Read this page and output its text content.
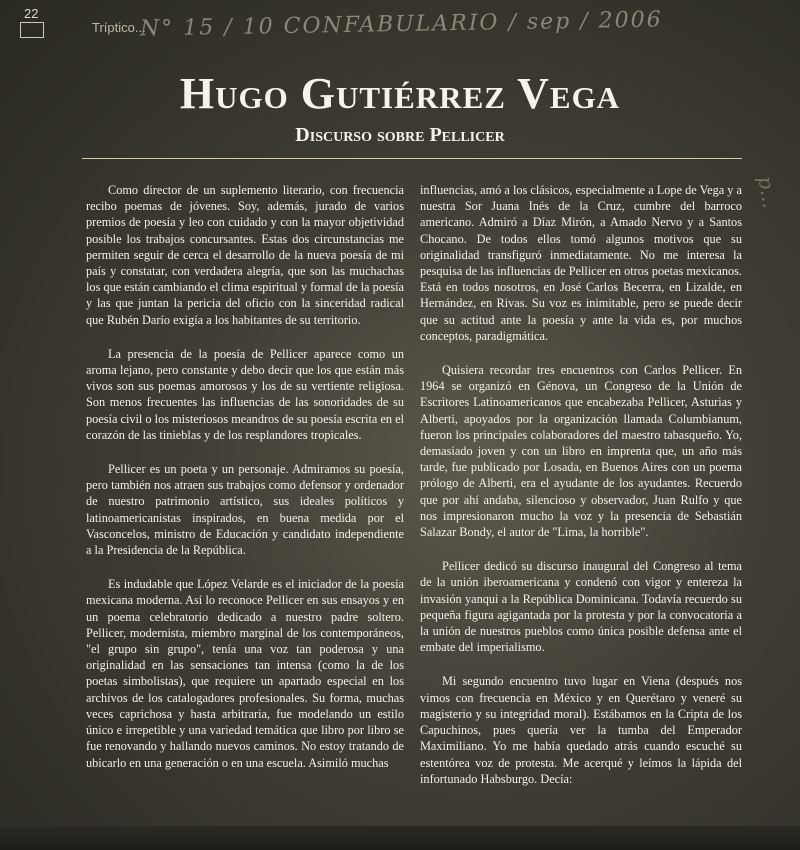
22
Tríptico...
N° 15 / 10 CONFABULARIO / sep / 2006
Hugo Gutiérrez Vega
Discurso sobre Pellicer
p...

Como director de un suplemento literario, con frecuencia recibo poemas de jóvenes. Soy, además, jurado de varios premios de poesía y leo con cuidado y con la mayor objetividad posible los trabajos concursantes. Estas dos circunstancias me permiten seguir de cerca el desarrollo de la nueva poesía de mi país y constatar, con verdadera alegría, que son las muchachas los que están cambiando el clima espiritual y formal de la poesía y las que juntan la pericia del oficio con la sinceridad radical que Rubén Darío exigía a los habitantes de su territorio.

La presencia de la poesía de Pellicer aparece como un aroma lejano, pero constante y debo decir que los que están más vivos son sus poemas amorosos y los de su vertiente religiosa. Son menos frecuentes las influencias de las sonoridades de su poesía civil o los misteriosos meandros de su poesía escrita en el corazón de las tinieblas y de los resplandores tropicales.

Pellicer es un poeta y un personaje. Admiramos su poesía, pero también nos atraen sus trabajos como defensor y ordenador de nuestro patrimonio artístico, sus ideales políticos y latinoamericanistas inspirados, en buena medida por el Vasconcelos, ministro de Educación y candidato independiente a la Presidencia de la República.

Es indudable que López Velarde es el iniciador de la poesía mexicana moderna. Así lo reconoce Pellicer en sus ensayos y en un poema celebratorio dedicado a nuestro padre soltero. Pellicer, modernista, miembro marginal de los contemporáneos, "el grupo sin grupo", tenía una voz tan poderosa y una originalidad en las sensaciones tan intensa (como la de los poetas simbolistas), que requiere un apartado especial en los archivos de los catalogadores profesionales. Su forma, muchas veces caprichosa y hasta arbitraria, fue modelando un estilo único e irrepetible y una variedad temática que libro por libro se fue renovando y hallando nuevos caminos. No estoy tratando de ubicarlo en una generación o en una escuela. Asimiló muchas

influencias, amó a los clásicos, especialmente a Lope de Vega y a nuestra Sor Juana Inés de la Cruz, cumbre del barroco americano. Admiró a Díaz Mirón, a Amado Nervo y a Santos Chocano. De todos ellos tomó algunos motivos que su originalidad transfiguró inmediatamente. No me interesa la pesquisa de las influencias de Pellicer en otros poetas mexicanos. Está en todos nosotros, en José Carlos Becerra, en Lizalde, en Hernández, en Rivas. Su voz es inimitable, pero se puede decir que su actitud ante la poesía y ante la vida es, por muchos conceptos, paradigmática.

Quisiera recordar tres encuentros con Carlos Pellicer. En 1964 se organizó en Génova, un Congreso de la Unión de Escritores Latinoamericanos que encabezaba Pellicer, Asturias y Alberti, apoyados por la organización llamada Columbianum, fueron los principales colaboradores del maestro tabasqueño. Yo, demasiado joven y con un libro en imprenta que, un año más tarde, fue publicado por Losada, en Buenos Aires con un poema prólogo de Alberti, era el ayudante de los ayudantes. Recuerdo que por ahí andaba, silencioso y observador, Juan Rulfo y que nos impresionaron mucho la voz y la presencia de Sebastián Salazar Bondy, el autor de "Lima, la horrible".

Pellicer dedicó su discurso inaugural del Congreso al tema de la unión iberoamericana y condenó con vigor y entereza la invasión yanqui a la República Dominicana. Todavía recuerdo su pequeña figura agigantada por la protesta y por la convocatoria a la unión de nuestros pueblos como única posible defensa ante el embate del imperialismo.

Mi segundo encuentro tuvo lugar en Viena (después nos vimos con frecuencia en México y en Querétaro y veneré su magisterio y su integridad moral). Estábamos en la Cripta de los Capuchinos, pues quería ver la tumba del Emperador Maximiliano. Yo me había quedado atrás cuando escuché su estentórea voz de protesta. Me acerqué y leímos la lápida del infortunado Habsburgo. Decía:
